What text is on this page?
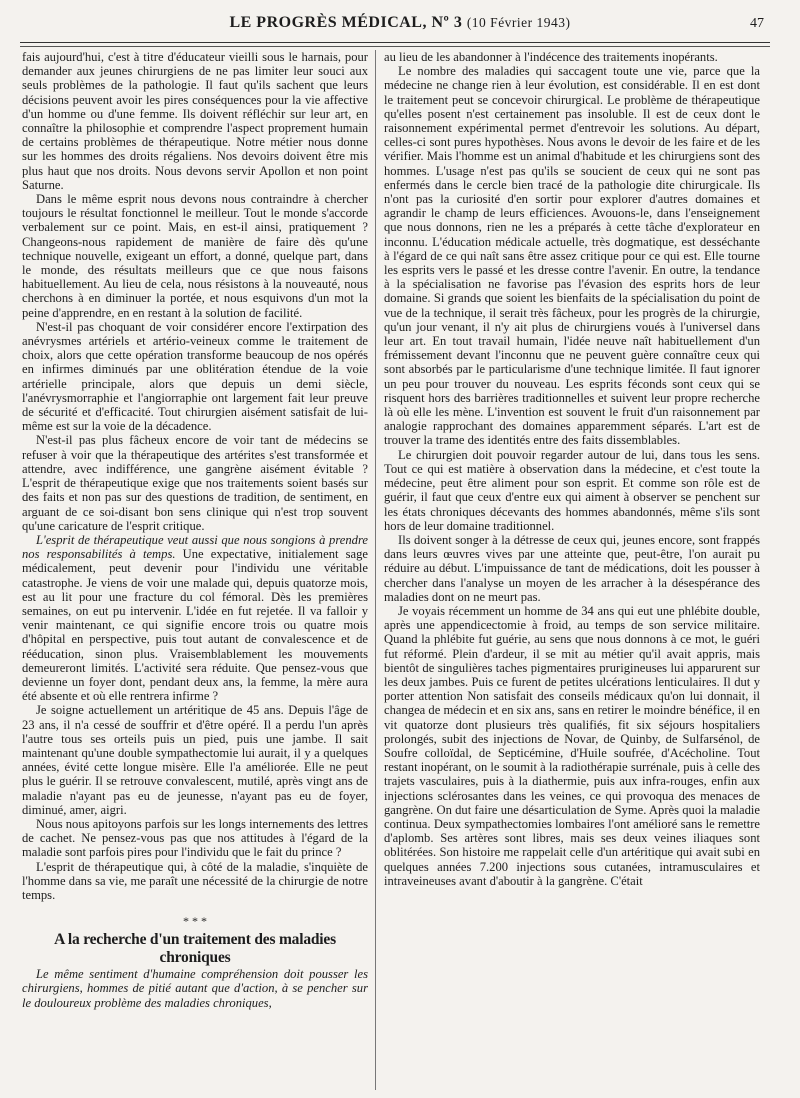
LE PROGRÈS MÉDICAL, Nº 3 (10 Février 1943)	47

fais aujourd'hui, c'est à titre d'éducateur vieilli sous le harnais, pour demander aux jeunes chirurgiens de ne pas limiter leur souci aux seuls problèmes de la pathologie. Il faut qu'ils sachent que leurs décisions peuvent avoir les pires conséquences pour la vie affective d'un homme ou d'une femme. Ils doivent réfléchir sur leur art, en connaître la philosophie et comprendre l'aspect proprement humain de certains problèmes de thérapeutique. Notre métier nous donne sur les hommes des droits régaliens. Nos devoirs doivent être mis plus haut que nos droits. Nous devons servir Apollon et non point Saturne.

Dans le même esprit nous devons nous contraindre à chercher toujours le résultat fonctionnel le meilleur. Tout le monde s'accorde verbalement sur ce point. Mais, en est-il ainsi, pratiquement ? Changeons-nous rapidement de manière de faire dès qu'une technique nouvelle, exigeant un effort, a donné, quelque part, dans le monde, des résultats meilleurs que ce que nous faisons habituellement. Au lieu de cela, nous résistons à la nouveauté, nous cherchons à en diminuer la portée, et nous esquivons d'un mot la peine d'apprendre, en en restant à la solution de facilité.

N'est-il pas choquant de voir considérer encore l'extirpation des anévrysmes artériels et artério-veineux comme le traitement de choix, alors que cette opération transforme beaucoup de nos opérés en infirmes diminués par une oblitération étendue de la voie artérielle principale, alors que depuis un demi siècle, l'anévrysmorraphie et l'angiorraphie ont largement fait leur preuve de sécurité et d'efficacité. Tout chirurgien aisément satisfait de lui-même est sur la voie de la décadence.

N'est-il pas plus fâcheux encore de voir tant de médecins se refuser à voir que la thérapeutique des artérites s'est transformée et attendre, avec indifférence, une gangrène aisément évitable ? L'esprit de thérapeutique exige que nos traitements soient basés sur des faits et non pas sur des questions de tradition, de sentiment, en arguant de ce soi-disant bon sens clinique qui n'est trop souvent qu'une caricature de l'esprit critique.

L'esprit de thérapeutique veut aussi que nous songions à prendre nos responsabilités à temps. Une expectative, initialement sage médicalement, peut devenir pour l'individu une véritable catastrophe. Je viens de voir une malade qui, depuis quatorze mois, est au lit pour une fracture du col fémoral. Dès les premières semaines, on eut pu intervenir. L'idée en fut rejetée. Il va falloir y venir maintenant, ce qui signifie encore trois ou quatre mois d'hôpital en perspective, puis tout autant de convalescence et de rééducation, sinon plus. Vraisemblablement les mouvements demeureront limités. L'activité sera réduite. Que pensez-vous que devienne un foyer dont, pendant deux ans, la femme, la mère aura été absente et où elle rentrera infirme ?

Je soigne actuellement un artéritique de 45 ans. Depuis l'âge de 23 ans, il n'a cessé de souffrir et d'être opéré. Il a perdu l'un après l'autre tous ses orteils puis un pied, puis une jambe. Il sait maintenant qu'une double sympathectomie lui aurait, il y a quelques années, évité cette longue misère. Elle l'a améliorée. Elle ne peut plus le guérir. Il se retrouve convalescent, mutilé, après vingt ans de maladie n'ayant pas eu de jeunesse, n'ayant pas eu de foyer, diminué, amer, aigri.

Nous nous apitoyons parfois sur les longs internements des lettres de cachet. Ne pensez-vous pas que nos attitudes à l'égard de la maladie sont parfois pires pour l'individu que le fait du prince ?

L'esprit de thérapeutique qui, à côté de la maladie, s'inquiète de l'homme dans sa vie, me paraît une nécessité de la chirurgie de notre temps.

* * *
A la recherche d'un traitement des maladies chroniques

Le même sentiment d'humaine compréhension doit pousser les chirurgiens, hommes de pitié autant que d'action, à se pencher sur le douloureux problème des maladies chroniques,

au lieu de les abandonner à l'indécence des traitements inopérants.

Le nombre des maladies qui saccagent toute une vie, parce que la médecine ne change rien à leur évolution, est considérable. Il en est dont le traitement peut se concevoir chirurgical. Le problème de thérapeutique qu'elles posent n'est certainement pas insoluble. Il est de ceux dont le raisonnement expérimental permet d'entrevoir les solutions. Au départ, celles-ci sont pures hypothèses. Nous avons le devoir de les faire et de les vérifier. Mais l'homme est un animal d'habitude et les chirurgiens sont des hommes. L'usage n'est pas qu'ils se soucient de ceux qui ne sont pas enfermés dans le cercle bien tracé de la pathologie dite chirurgicale. Ils n'ont pas la curiosité d'en sortir pour explorer d'autres domaines et agrandir le champ de leurs efficiences. Avouons-le, dans l'enseignement que nous donnons, rien ne les a préparés à cette tâche d'explorateur en inconnu. L'éducation médicale actuelle, très dogmatique, est desséchante à l'égard de ce qui naît sans être assez critique pour ce qui est. Elle tourne les esprits vers le passé et les dresse contre l'avenir. En outre, la tendance à la spécialisation ne favorise pas l'évasion des esprits hors de leur domaine. Si grands que soient les bienfaits de la spécialisation du point de vue de la technique, il serait très fâcheux, pour les progrès de la chirurgie, qu'un jour venant, il n'y ait plus de chirurgiens voués à l'universel dans leur art. En tout travail humain, l'idée neuve naît habituellement d'un frémissement devant l'inconnu que ne peuvent guère connaître ceux qui sont absorbés par le particularisme d'une technique limitée. Il faut ignorer un peu pour trouver du nouveau. Les esprits féconds sont ceux qui se risquent hors des barrières traditionnelles et suivent leur propre recherche là où elle les mène. L'invention est souvent le fruit d'un raisonnement par analogie rapprochant des domaines apparemment séparés. L'art est de trouver la trame des identités entre des faits dissemblables.

Le chirurgien doit pouvoir regarder autour de lui, dans tous les sens. Tout ce qui est matière à observation dans la médecine, et c'est toute la médecine, peut être aliment pour son esprit. Et comme son rôle est de guérir, il faut que ceux d'entre eux qui aiment à observer se penchent sur les états chroniques décevants des hommes abandonnés, même s'ils sont hors de leur domaine traditionnel.

Ils doivent songer à la détresse de ceux qui, jeunes encore, sont frappés dans leurs œuvres vives par une atteinte que, peut-être, l'on aurait pu réduire au début. L'impuissance de tant de médications, doit les pousser à chercher dans l'analyse un moyen de les arracher à la désespérance des maladies dont on ne meurt pas.

Je voyais récemment un homme de 34 ans qui eut une phlébite double, après une appendicectomie à froid, au temps de son service militaire. Quand la phlébite fut guérie, au sens que nous donnons à ce mot, le guéri fut réformé. Plein d'ardeur, il se mit au métier qu'il avait appris, mais bientôt de singulières taches pigmentaires prurigineuses lui apparurent sur les deux jambes. Puis ce furent de petites ulcérations lenticulaires. Il dut y porter attention Non satisfait des conseils médicaux qu'on lui donnait, il changea de médecin et en six ans, sans en retirer le moindre bénéfice, il en vit quatorze dont plusieurs très qualifiés, fit six séjours hospitaliers prolongés, subit des injections de Novar, de Quinby, de Sulfarsénol, de Soufre colloïdal, de Septicémine, d'Huile soufrée, d'Acécholine. Tout restant inopérant, on le soumit à la radiothérapie surrénale, puis à celle des trajets vasculaires, puis à la diathermie, puis aux infra-rouges, enfin aux injections sclérosantes dans les veines, ce qui provoqua des menaces de gangrène. On dut faire une désarticulation de Syme. Après quoi la maladie continua. Deux sympathectomies lombaires l'ont amélioré sans le remettre d'aplomb. Ses artères sont libres, mais ses deux veines iliaques sont oblitérées. Son histoire me rappelait celle d'un artéritique qui avait subi en quelques années 7.200 injections sous cutanées, intramusculaires et intraveineuses avant d'aboutir à la gangrène. C'était
